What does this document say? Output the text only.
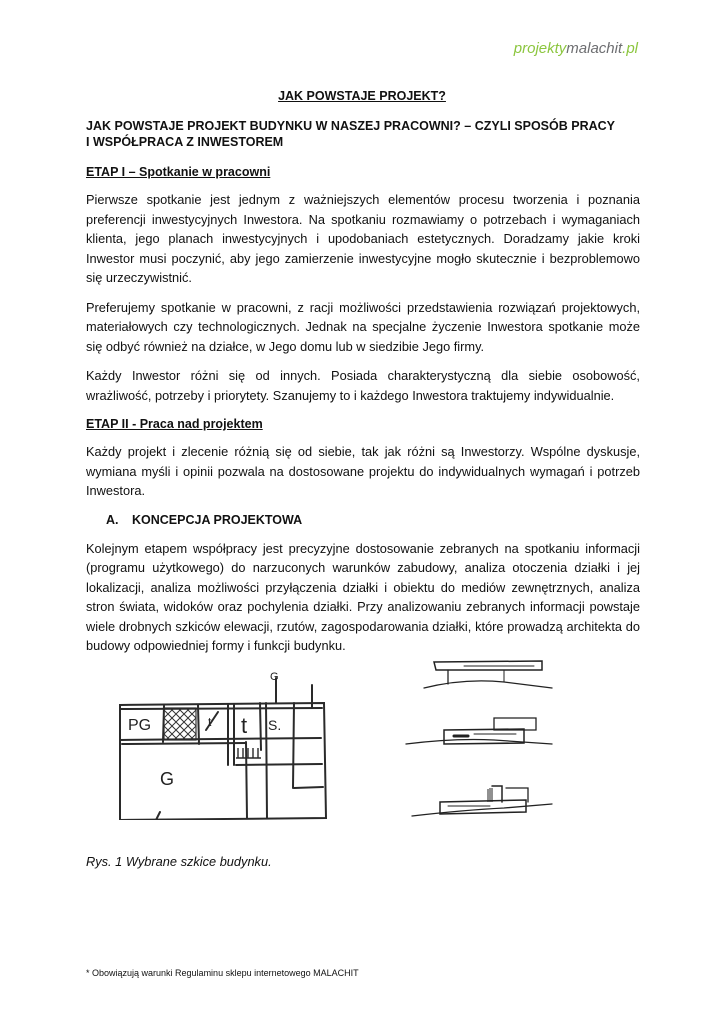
projektymalachit.pl
JAK POWSTAJE PROJEKT?
JAK POWSTAJE PROJEKT BUDYNKU W NASZEJ PRACOWNI? – CZYLI SPOSÓB PRACY
I WSPÓŁPRACA Z INWESTOREM
ETAP I – Spotkanie w pracowni

Pierwsze spotkanie jest jednym z ważniejszych elementów procesu tworzenia i poznania preferencji inwestycyjnych Inwestora. Na spotkaniu rozmawiamy o potrzebach i wymaganiach klienta, jego planach inwestycyjnych i upodobaniach estetycznych. Doradzamy jakie kroki Inwestor musi poczynić, aby jego zamierzenie inwestycyjne mogło skutecznie i bezproblemowo się urzeczywistnić.

Preferujemy spotkanie w pracowni, z racji możliwości przedstawienia rozwiązań projektowych, materiałowych czy technologicznych. Jednak na specjalne życzenie Inwestora spotkanie może się odbyć również na działce, w Jego domu lub w siedzibie Jego firmy.

Każdy Inwestor różni się od innych. Posiada charakterystyczną dla siebie osobowość, wrażliwość, potrzeby i priorytety. Szanujemy to i każdego Inwestora traktujemy indywidualnie.

ETAP II - Praca nad projektem

Każdy projekt i zlecenie różnią się od siebie, tak jak różni są Inwestorzy. Wspólne dyskusje, wymiana myśli i opinii pozwala na dostosowane projektu do indywidualnych wymagań i potrzeb Inwestora.

A. KONCEPCJA PROJEKTOWA

Kolejnym etapem współpracy jest precyzyjne dostosowanie zebranych na spotkaniu informacji (programu użytkowego) do narzuconych warunków zabudowy, analiza otoczenia działki i jej lokalizacji, analiza możliwości przyłączenia działki i obiektu do mediów zewnętrznych, analiza stron świata, widoków oraz pochylenia działki. Przy analizowaniu zebranych informacji powstaje wiele drobnych szkiców elewacji, rzutów, zagospodarowania działki, które prowadzą architekta do budowy odpowiedniej formy i funkcji budynku.

PG	t S.
G
G
t
Rys. 1 Wybrane szkice budynku.
* Obowiązują warunki Regulaminu sklepu internetowego MALACHIT
